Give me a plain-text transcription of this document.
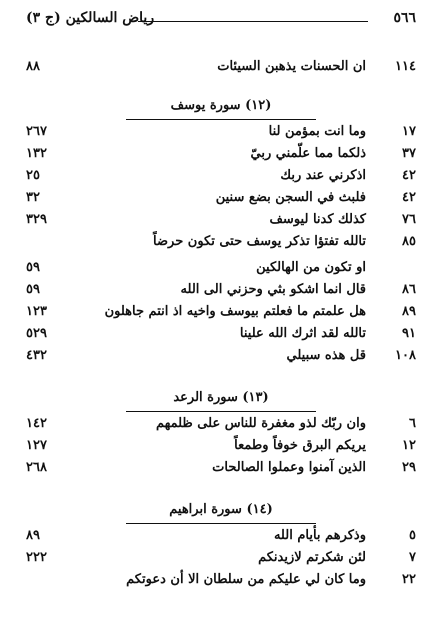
٥٦٦
رياض السالكين (ج ٣)
١١٤
ان الحسنات يذهبن السيئات
٨٨
(١٢) سورة يوسف
١٧
وما انت بمؤمن لنا
٢٦٧
٣٧
ذلكما مما علّمني ربيّ
١٣٢
٤٢
اذكرني عند ربك
٢٥
٤٢
فلبث في السجن بضع سنين
٣٢
٧٦
كذلك كدنا ليوسف
٣٢٩
٨٥
تالله تفتؤا تذكر يوسف حتى تكون حرضاً
او تكون من الهالكين
٥٩
٨٦
قال انما اشكو بثي وحزني الى الله
٥٩
٨٩
هل علمتم ما فعلتم بيوسف واخيه اذ انتم جاهلون
١٢٣
٩١
تالله لقد اثرك الله علينا
٥٢٩
١٠٨
قل هذه سبيلي
٤٣٢
(١٣) سورة الرعد
٦
وان ربّك لذو مغفرة للناس على ظلمهم
١٤٢
١٢
يريكم البرق خوفاً وطمعاً
١٢٧
٢٩
الذين آمنوا وعملوا الصالحات
٢٦٨
(١٤) سورة ابراهيم
٥
وذكرهم بأيام الله
٨٩
٧
لئن شكرتم لازيدنكم
٢٢٢
٢٢
وما كان لي عليكم من سلطان الا أن دعوتكم
